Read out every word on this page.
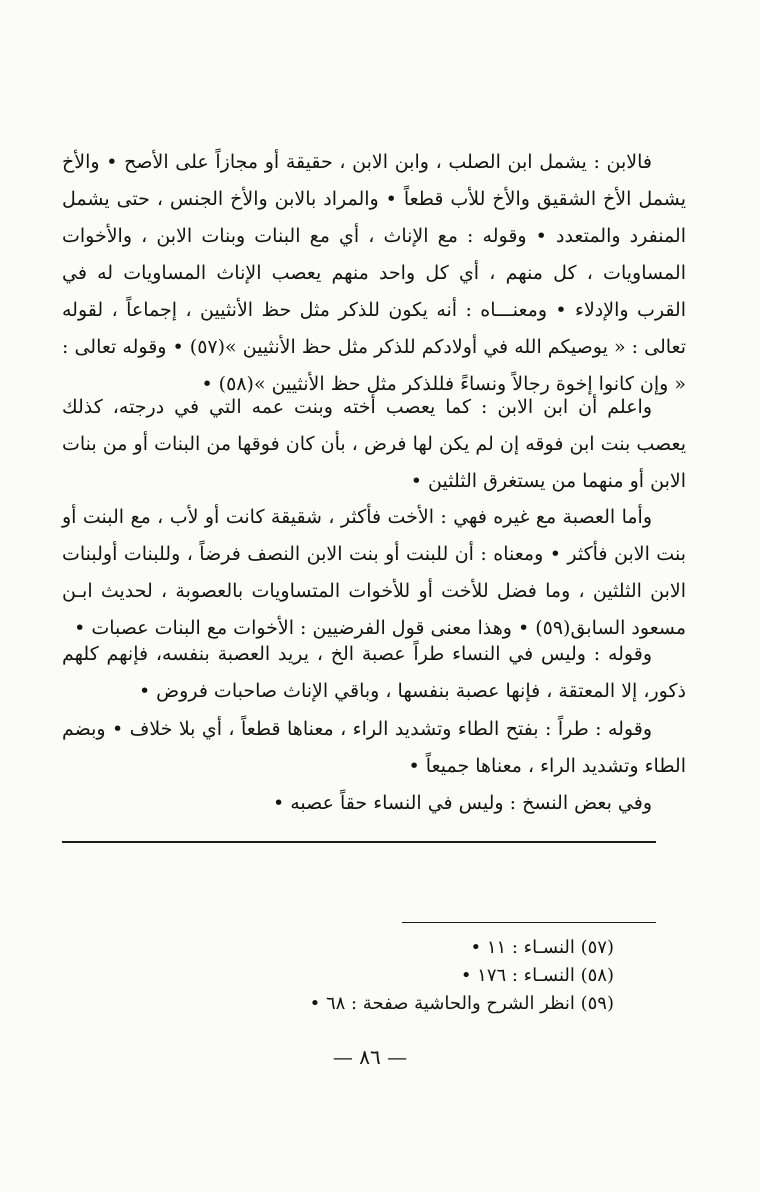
فالابن : يشمل ابن الصلب ، وابن الابن ، حقيقة أو مجازاً على الأصح • والأخ يشمل الأخ الشقيق والأخ للأب قطعاً • والمراد بالابن والأخ الجنس ، حتى يشمل المنفرد والمتعدد • وقوله : مع الإناث ، أي مع البنات وبنات الابن ، والأخوات المساويات ، كل منهم ، أي كل واحد منهم يعصب الإناث المساويات له في القرب والإدلاء • ومعنـــاه : أنه يكون للذكر مثل حظ الأنثيين ، إجماعاً ، لقوله تعالى : « يوصيكم الله في أولادكم للذكر مثل حظ الأنثيين »(٥٧) • وقوله تعالى : « وإن كانوا إخوة رجالاً ونساءً فللذكر مثل حظ الأنثيين »(٥٨) •

واعلم أن ابن الابن : كما يعصب أخته وبنت عمه التي في درجته، كذلك يعصب بنت ابن فوقه إن لم يكن لها فرض ، بأن كان فوقها من البنات أو من بنات الابن أو منهما من يستغرق الثلثين •

وأما العصبة مع غيره فهي : الأخت فأكثر ، شقيقة كانت أو لأب ، مع البنت أو بنت الابن فأكثر • ومعناه : أن للبنت أو بنت الابن النصف فرضاً ، وللبنات أولبنات الابن الثلثين ، وما فضل للأخت أو للأخوات المتساويات بالعصوبة ، لحديث ابـن مسعود السابق(٥٩) • وهذا معنى قول الفرضيين : الأخوات مع البنات عصبات •

وقوله : وليس في النساء طراً عصبة الخ ، يريد العصبة بنفسه، فإنهم كلهم ذكور، إلا المعتقة ، فإنها عصبة بنفسها ، وباقي الإناث صاحبات فروض •

وقوله : طراً : بفتح الطاء وتشديد الراء ، معناها قطعاً ، أي بلا خلاف • وبضم الطاء وتشديد الراء ، معناها جميعاً •

وفي بعض النسخ : وليس في النساء حقاً عصبه •

(٥٧) النسـاء : ١١ •

(٥٨) النسـاء : ١٧٦ •

(٥٩) انظر الشرح والحاشية صفحة : ٦٨ •

— ٨٦ —
